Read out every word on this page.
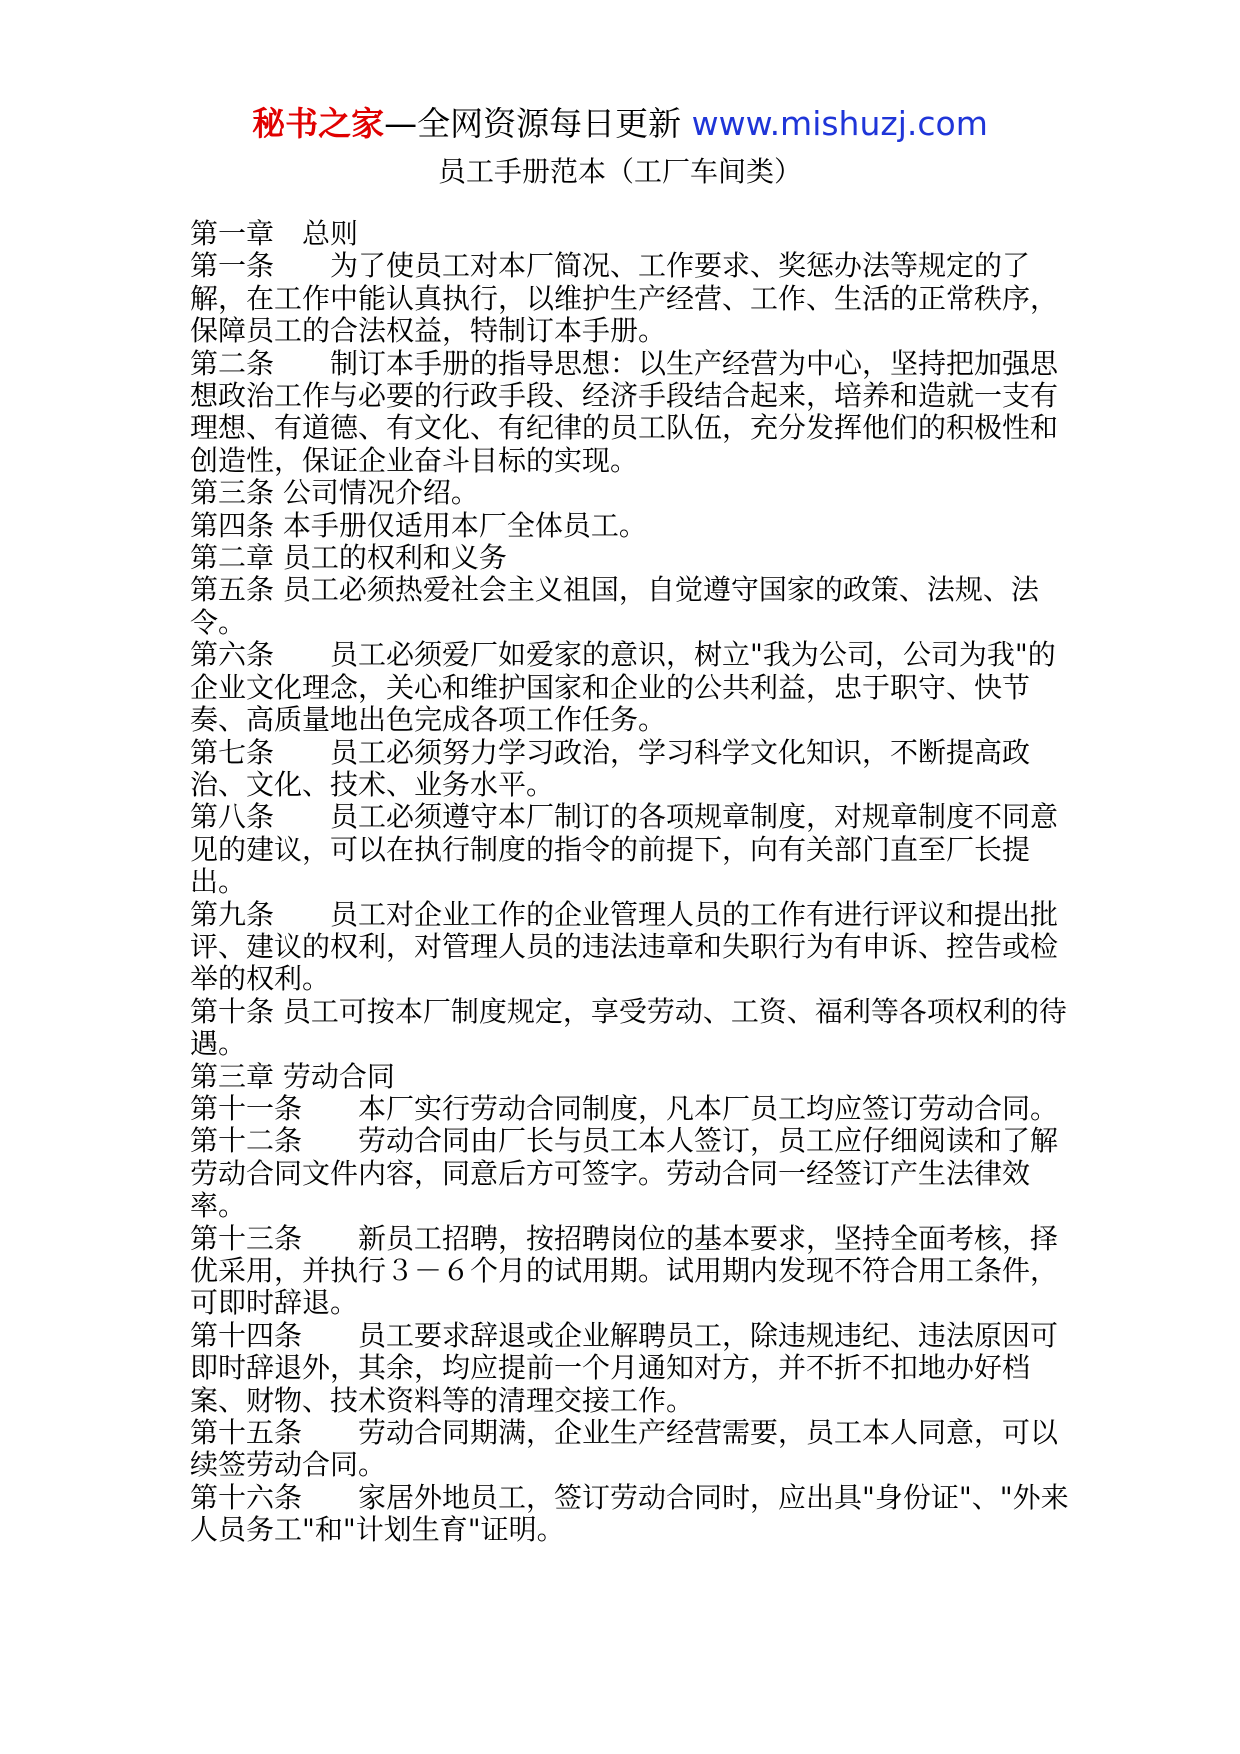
秘书之家—全网资源每日更新 www.mishuzj.com
员工手册范本（工厂车间类）

第一章　总则

第一条　　为了使员工对本厂简况、工作要求、奖惩办法等规定的了解，在工作中能认真执行，以维护生产经营、工作、生活的正常秩序，保障员工的合法权益，特制订本手册。

第二条　　制订本手册的指导思想：以生产经营为中心，坚持把加强思想政治工作与必要的行政手段、经济手段结合起来，培养和造就一支有理想、有道德、有文化、有纪律的员工队伍，充分发挥他们的积极性和创造性，保证企业奋斗目标的实现。

第三条 公司情况介绍。

第四条 本手册仅适用本厂全体员工。

第二章 员工的权利和义务

第五条 员工必须热爱社会主义祖国，自觉遵守国家的政策、法规、法令。

第六条　　员工必须爱厂如爱家的意识，树立"我为公司，公司为我"的企业文化理念，关心和维护国家和企业的公共利益，忠于职守、快节奏、高质量地出色完成各项工作任务。

第七条　　员工必须努力学习政治，学习科学文化知识，不断提高政治、文化、技术、业务水平。

第八条　　员工必须遵守本厂制订的各项规章制度，对规章制度不同意见的建议，可以在执行制度的指令的前提下，向有关部门直至厂长提出。

第九条　　员工对企业工作的企业管理人员的工作有进行评议和提出批评、建议的权利，对管理人员的违法违章和失职行为有申诉、控告或检举的权利。

第十条 员工可按本厂制度规定，享受劳动、工资、福利等各项权利的待遇。

第三章 劳动合同

第十一条　　本厂实行劳动合同制度，凡本厂员工均应签订劳动合同。

第十二条　　劳动合同由厂长与员工本人签订，员工应仔细阅读和了解劳动合同文件内容，同意后方可签字。劳动合同一经签订产生法律效率。

第十三条　　新员工招聘，按招聘岗位的基本要求，坚持全面考核，择优采用，并执行３－６个月的试用期。试用期内发现不符合用工条件，可即时辞退。

第十四条　　员工要求辞退或企业解聘员工，除违规违纪、违法原因可即时辞退外，其余，均应提前一个月通知对方，并不折不扣地办好档案、财物、技术资料等的清理交接工作。

第十五条　　劳动合同期满，企业生产经营需要，员工本人同意，可以续签劳动合同。

第十六条　　家居外地员工，签订劳动合同时，应出具"身份证"、"外来人员务工"和"计划生育"证明。
